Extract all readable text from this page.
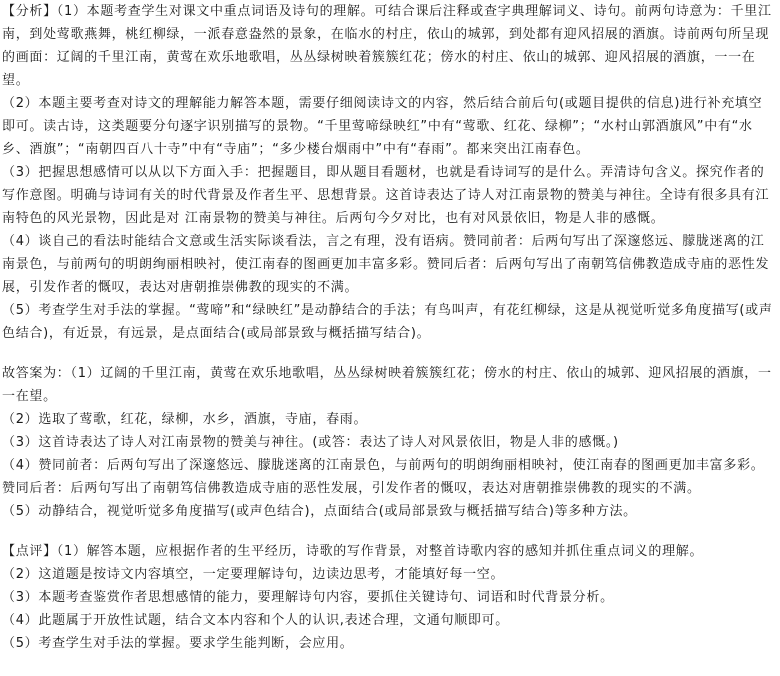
【分析】（1）本题考查学生对课文中重点词语及诗句的理解。可结合课后注释或查字典理解词义、诗句。前两句诗意为：千里江南，到处莺歌燕舞，桃红柳绿，一派春意盎然的景象，在临水的村庄，依山的城郭，到处都有迎风招展的酒旗。诗前两句所呈现的画面：辽阔的千里江南，黄莺在欢乐地歌唱，丛丛绿树映着簇簇红花；傍水的村庄、依山的城郭、迎风招展的酒旗，一一在望。

（2）本题主要考查对诗文的理解能力解答本题，需要仔细阅读诗文的内容，然后结合前后句(或题目提供的信息)进行补充填空即可。读古诗，这类题要分句逐字识别描写的景物。“千里莺啼绿映红”中有“莺歌、红花、绿柳”；“水村山郭酒旗风”中有“水乡、酒旗”；“南朝四百八十寺”中有“寺庙”；“多少楼台烟雨中”中有“春雨”。都来突出江南春色。

（3）把握思想感情可以从以下方面入手：把握题目，即从题目看题材，也就是看诗词写的是什么。弄清诗句含义。探究作者的写作意图。明确与诗词有关的时代背景及作者生平、思想背景。这首诗表达了诗人对江南景物的赞美与神往。全诗有很多具有江南特色的风光景物，因此是对 江南景物的赞美与神往。后两句今夕对比，也有对风景依旧，物是人非的感慨。

（4）谈自己的看法时能结合文意或生活实际谈看法，言之有理，没有语病。赞同前者：后两句写出了深邃悠远、朦胧迷离的江南景色，与前两句的明朗绚丽相映衬，使江南春的图画更加丰富多彩。赞同后者：后两句写出了南朝笃信佛教造成寺庙的恶性发展，引发作者的慨叹，表达对唐朝推崇佛教的现实的不满。

（5）考查学生对手法的掌握。“莺啼”和“绿映红”是动静结合的手法；有鸟叫声，有花红柳绿，这是从视觉听觉多角度描写(或声色结合)，有近景，有远景，是点面结合(或局部景致与概括描写结合)。

故答案为：（1）辽阔的千里江南，黄莺在欢乐地歌唱，丛丛绿树映着簇簇红花；傍水的村庄、依山的城郭、迎风招展的酒旗，一一在望。

（2）选取了莺歌，红花，绿柳，水乡，酒旗，寺庙，春雨。

（3）这首诗表达了诗人对江南景物的赞美与神往。(或答：表达了诗人对风景依旧，物是人非的感慨。)

（4）赞同前者：后两句写出了深邃悠远、朦胧迷离的江南景色，与前两句的明朗绚丽相映衬，使江南春的图画更加丰富多彩。赞同后者：后两句写出了南朝笃信佛教造成寺庙的恶性发展，引发作者的慨叹，表达对唐朝推崇佛教的现实的不满。

（5）动静结合，视觉听觉多角度描写(或声色结合)，点面结合(或局部景致与概括描写结合)等多种方法。

【点评】（1）解答本题，应根据作者的生平经历，诗歌的写作背景，对整首诗歌内容的感知并抓住重点词义的理解。

（2）这道题是按诗文内容填空，一定要理解诗句，边读边思考，才能填好每一空。

（3）本题考查鉴赏作者思想感情的能力，要理解诗句内容，要抓住关键诗句、词语和时代背景分析。

（4）此题属于开放性试题，结合文本内容和个人的认识,表述合理，文通句顺即可。

（5）考查学生对手法的掌握。要求学生能判断，会应用。
